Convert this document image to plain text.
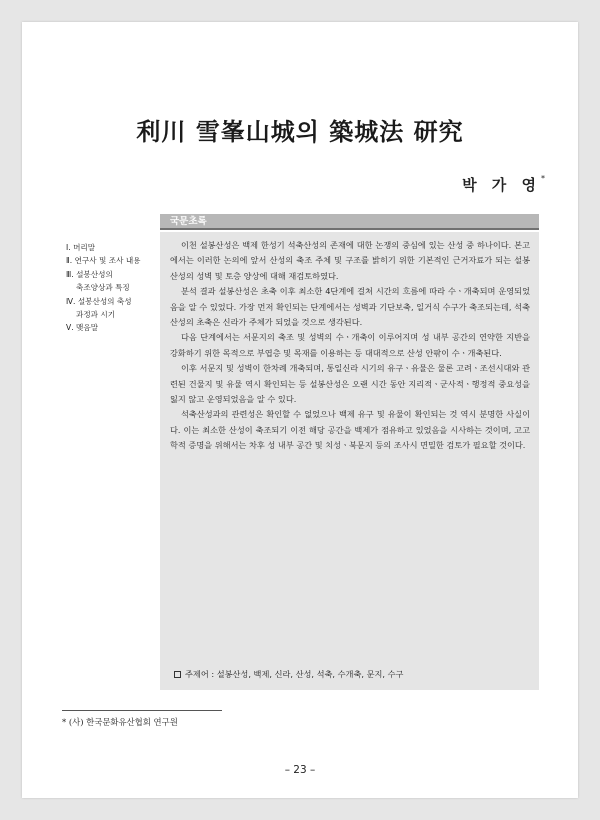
利川 雪峯山城의 築城法 研究
박 가 영*
Ⅰ. 머리말
Ⅱ. 연구사 및 조사 내용
Ⅲ. 설봉산성의
축조양상과 특징
Ⅳ. 설봉산성의 축성
과정과 시기
Ⅴ. 맺음말
국문초록

이천 설봉산성은 백제 한성기 석축산성의 존재에 대한 논쟁의 중심에 있는 산성 중 하나이다. 본고에서는 이러한 논의에 앞서 산성의 축조 주체 및 구조를 밝히기 위한 기본적인 근거자료가 되는 설봉산성의 성벽 및 토층 양상에 대해 재검토하였다.

분석 결과 설봉산성은 초축 이후 최소한 4단계에 걸쳐 시간의 흐름에 따라 수ㆍ개축되며 운영되었음을 알 수 있었다. 가장 먼저 확인되는 단계에서는 성벽과 기단보축, 일거식 수구가 축조되는데, 석축산성의 초축은 신라가 주체가 되었을 것으로 생각된다.

다음 단계에서는 서문지의 축조 및 성벽의 수ㆍ개축이 이루어지며 성 내부 공간의 연약한 지반을 강화하기 위한 목적으로 부엽층 및 목재를 이용하는 등 대대적으로 산성 안팎이 수ㆍ개축된다.

이후 서문지 및 성벽이 한차례 개축되며, 통일신라 시기의 유구ㆍ유물은 물론 고려ㆍ조선시대와 관련된 건물지 및 유물 역시 확인되는 등 설봉산성은 오랜 시간 동안 지리적ㆍ군사적ㆍ행정적 중요성을 잃지 않고 운영되었음을 알 수 있다.

석축산성과의 관련성은 확인할 수 없었으나 백제 유구 및 유물이 확인되는 것 역시 분명한 사실이다. 이는 최소한 산성이 축조되기 이전 해당 공간을 백제가 점유하고 있었음을 시사하는 것이며, 고고학적 증명을 위해서는 차후 성 내부 공간 및 치성ㆍ북문지 등의 조사시 면밀한 검토가 필요할 것이다.

주제어 : 설봉산성, 백제, 신라, 산성, 석축, 수개축, 문지, 수구
* (사) 한국문화유산협회 연구원
– 23 –
